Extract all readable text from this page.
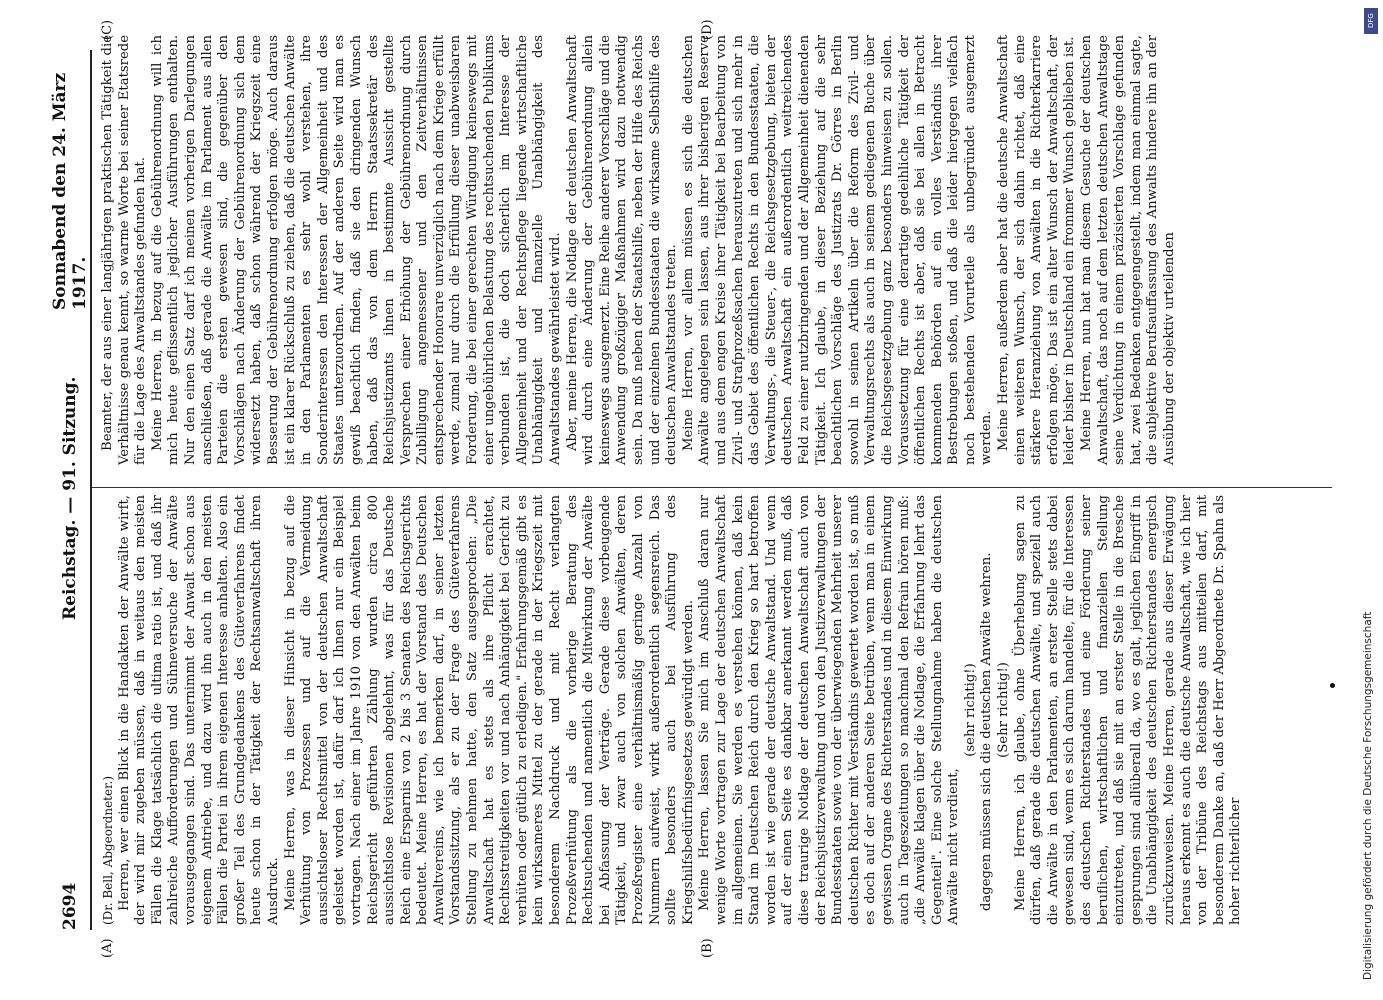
2694
Reichstag. — 91. Sitzung.
Sonnabend den 24. März 1917.
(A)	(B)
(C)	(D)

(Dr. Bell, Abgeordneter.) Herren, wer einen Blick in die Handakten der Anwälte wirft, der wird mir zugeben müssen, daß in weitaus den meisten Fällen die Klage tatsächlich die ultima ratio ist, und daß ihr zahlreiche Aufforderungen und Sühneversuche der Anwälte vorausgegangen sind. Das unternimmt der Anwalt schon aus eigenem Antriebe, und dazu wird ihn auch in den meisten Fällen die Partei in ihrem eigenen Interesse anhalten. Also ein großer Teil des Grundgedankens des Güteverfahrens findet heute schon in der Tätigkeit der Rechtsanwaltschaft ihren Ausdruck. Meine Herren, was in dieser Hinsicht in bezug auf die Verhütung von Prozessen und auf die Vermeidung aussichtsloser Rechtsmittel von der deutschen Anwaltschaft geleistet worden ist, dafür darf ich Ihnen nur ein Beispiel vortragen. Nach einer im Jahre 1910 von den Anwälten beim Reichsgericht geführten Zählung wurden circa 800 aussichtslose Revisionen abgelehnt, was für das Deutsche Reich eine Ersparnis von 2 bis 3 Senaten des Reichsgerichts bedeutet. Meine Herren, es hat der Vorstand des Deutschen Anwaltvereins, wie ich bemerken darf, in seiner letzten Vorstandssitzung, als er zu der Frage des Güteverfahrens Stellung zu nehmen hatte, den Satz ausgesprochen: „Die Anwaltschaft hat es stets als ihre Pflicht erachtet, Rechtsstreitigkeiten vor und nach Anhängigkeit bei Gericht zu verhüten oder gütlich zu erledigen." Erfahrungsgemäß gibt es kein wirksameres Mittel zu der gerade in der Kriegszeit mit besonderem Nachdruck und mit Recht verlangten Prozeßverhütung als die vorherige Beratung des Rechtsuchenden und namentlich die Mitwirkung der Anwälte bei Abfassung der Verträge. Gerade diese vorbeugende Tätigkeit, und zwar auch von solchen Anwälten, deren Prozeßregister eine verhältnismäßig geringe Anzahl von Nummern aufweist, wirkt außerordentlich segensreich. Das sollte besonders auch bei Ausführung des Kriegshilfsbedürfnisgesetzes gewürdigt werden. Meine Herren, lassen Sie mich im Anschluß daran nur wenige Worte vortragen zur Lage der deutschen Anwaltschaft im allgemeinen. Sie werden es verstehen können, daß kein Stand im Deutschen Reich durch den Krieg so hart betroffen worden ist wie gerade der deutsche Anwaltstand. Und wenn auf der einen Seite es dankbar anerkannt werden muß, daß diese traurige Notlage der deutschen Anwaltschaft auch von der Reichsjustizverwaltung und von den Justizverwaltungen der Bundesstaaten sowie von der überwiegenden Mehrheit unserer deutschen Richter mit Verständnis gewertet worden ist, so muß es doch auf der anderen Seite betrüben, wenn man in einem gewissen Organe des Richterstandes und in diesem Einwirkung auch in Tageszeitungen so manchmal den Refrain hören muß: „die Anwälte klagen über die Notlage, die Erfahrung lehrt das Gegenteil". Eine solche Stellungnahme haben die deutschen Anwälte nicht verdient,

(sehr richtig!) dagegen müssen sich die deutschen Anwälte wehren. (Sehr richtig!) Meine Herren, ich glaube, ohne Überhebung sagen zu dürfen, daß gerade die deutschen Anwälte, und speziell auch die Anwälte in den Parlamenten, an erster Stelle stets dabei gewesen sind, wenn es sich darum handelte, für die Interessen des deutschen Richterstandes und eine Förderung seiner beruflichen, wirtschaftlichen und finanziellen Stellung einzutreten, und daß sie mit an erster Stelle in die Bresche gesprungen sind allüberall da, wo es galt, jeglichen Eingriff in die Unabhängigkeit des deutschen Richterstandes energisch zurückzuweisen. Meine Herren, gerade aus dieser Erwägung heraus erkennt es auch die deutsche Anwaltschaft, wie ich hier von der Tribüne des Reichstags aus mitteilen darf, mit besonderem Danke an, daß der Herr Abgeordnete Dr. Spahn als hoher richterlicher

Beamter, der aus einer langjährigen praktischen Tätigkeit die Verhältnisse genau kennt, so warme Worte bei seiner Etatsrede für die Lage des Anwaltstandes gefunden hat. Meine Herren, in bezug auf die Gebührenordnung will ich mich heute geflissentlich jeglicher Ausführungen enthalten. Nur den einen Satz darf ich meinen vorherigen Darlegungen anschließen, daß gerade die Anwälte im Parlament aus allen Parteien die ersten gewesen sind, die gegenüber den Vorschlägen nach Änderung der Gebührenordnung sich dem widersetzt haben, daß schon während der Kriegszeit eine Besserung der Gebührenordnung erfolgen möge. Auch daraus ist ein klarer Rückschluß zu ziehen, daß die deutschen Anwälte in den Parlamenten es sehr wohl verstehen, ihre Sonderinteressen den Interessen der Allgemeinheit und des Staates unterzuordnen. Auf der anderen Seite wird man es gewiß beachtlich finden, daß sie den dringenden Wunsch haben, daß das von dem Herrn Staatssekretär des Reichsjustizamts ihnen in bestimmte Aussicht gestellte Versprechen einer Erhöhung der Gebührenordnung durch Zubilligung angemessener und den Zeitverhältnissen entsprechender Honorare unverzüglich nach dem Kriege erfüllt werde, zumal nur durch die Erfüllung dieser unabweisbaren Forderung, die bei einer gerechten Würdigung keineswegs mit einer ungebührlichen Belastung des rechtsuchenden Publikums verbunden ist, die doch sicherlich im Interesse der Allgemeinheit und der Rechtspflege liegende wirtschaftliche Unabhängigkeit und finanzielle Unabhängigkeit des Anwaltstandes gewährleistet wird. Aber, meine Herren, die Notlage der deutschen Anwaltschaft wird durch eine Änderung der Gebührenordnung allein keineswegs ausgemerzt. Eine Reihe anderer Vorschläge und die Anwendung großzügiger Maßnahmen wird dazu notwendig sein. Da muß neben der Staatshilfe, neben der Hilfe des Reichs und der einzelnen Bundesstaaten die wirksame Selbsthilfe des deutschen Anwaltstandes treten. Meine Herren, vor allem müssen es sich die deutschen Anwälte angelegen sein lassen, aus ihrer bisherigen Reserve und aus dem engen Kreise ihrer Tätigkeit bei Bearbeitung von Zivil- und Strafprozeßsachen herauszutreten und sich mehr in das Gebiet des öffentlichen Rechts in den Bundesstaaten, die Verwaltungs-, die Steuer-, die Reichsgesetzgebung, bieten der deutschen Anwaltschaft ein außerordentlich weitreichendes Feld zu einer nutzbringenden und der Allgemeinheit dienenden Tätigkeit. Ich glaube, in dieser Beziehung auf die sehr beachtlichen Vorschläge des Justizrats Dr. Görres in Berlin sowohl in seinen Artikeln über die Reform des Zivil- und Verwaltungsrechts als auch in seinem gediegenen Buche über die Reichsgesetzgebung ganz besonders hinweisen zu sollen. Voraussetzung für eine derartige gedeihliche Tätigkeit der öffentlichen Rechts ist aber, daß sie bei allen in Betracht kommenden Behörden auf ein volles Verständnis ihrer Bestrebungen stoßen, und daß die leider hiergegen vielfach noch bestehenden Vorurteile als unbegründet ausgemerzt werden. Meine Herren, außerdem aber hat die deutsche Anwaltschaft einen weiteren Wunsch, der sich dahin richtet, daß eine stärkere Heranziehung von Anwälten in die Richterkarriere erfolgen möge. Das ist ein alter Wunsch der Anwaltschaft, der leider bisher in Deutschland ein frommer Wunsch geblieben ist. Meine Herren, nun hat man diesem Gesuche der deutschen Anwaltschaft, das noch auf dem letzten deutschen Anwaltstage seine Verdichtung in einem präzisierten Vorschlage gefunden hat, zwei Bedenken entgegengestellt, indem man einmal sagte, die subjektive Berufsauffassung des Anwalts hindere ihn an der Ausübung der objektiv urteilenden

DFG
Digitalisierung gefördert durch die Deutsche Forschungsgemeinschaft
